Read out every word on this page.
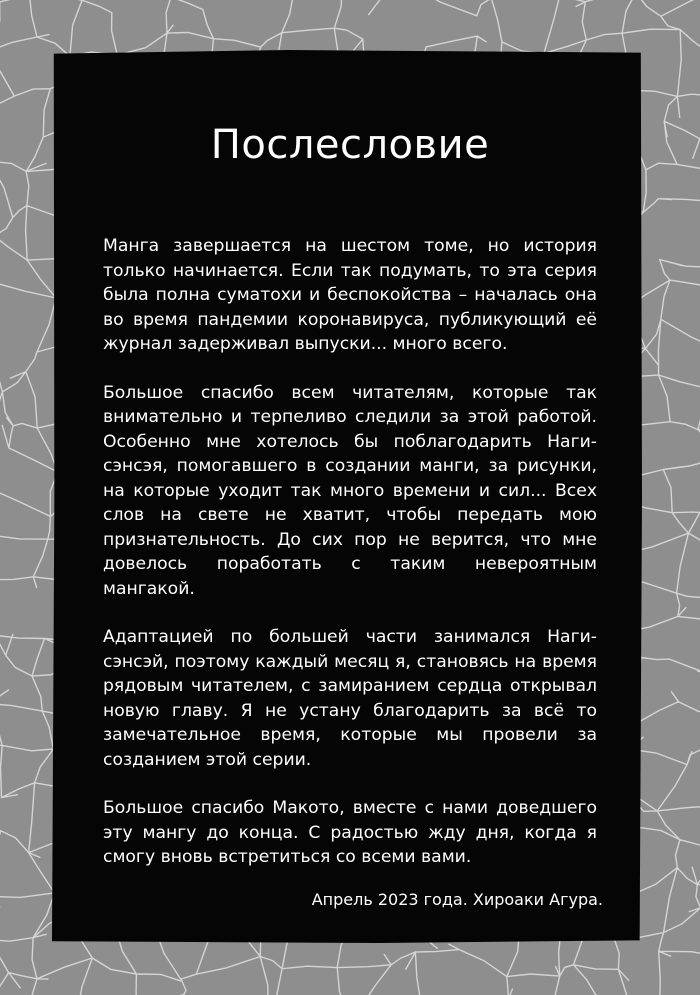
Послесловие

Манга завершается на шестом томе, но история только начинается. Если так подумать, то эта серия была полна суматохи и беспокойства – началась она во время пандемии коронавируса, публикующий её журнал задерживал выпуски... много всего.

Большое спасибо всем читателям, которые так внимательно и терпеливо следили за этой работой. Особенно мне хотелось бы поблагодарить Наги-сэнсэя, помогавшего в создании манги, за рисунки, на которые уходит так много времени и сил... Всех слов на свете не хватит, чтобы передать мою признательность. До сих пор не верится, что мне довелось поработать с таким невероятным мангакой.

Адаптацией по большей части занимался Наги-сэнсэй, поэтому каждый месяц я, становясь на время рядовым читателем, с замиранием сердца открывал новую главу. Я не устану благодарить за всё то замечательное время, которые мы провели за созданием этой серии.

Большое спасибо Макото, вместе с нами доведшего эту мангу до конца. С радостью жду дня, когда я смогу вновь встретиться со всеми вами.

Апрель 2023 года. Хироаки Агура.
